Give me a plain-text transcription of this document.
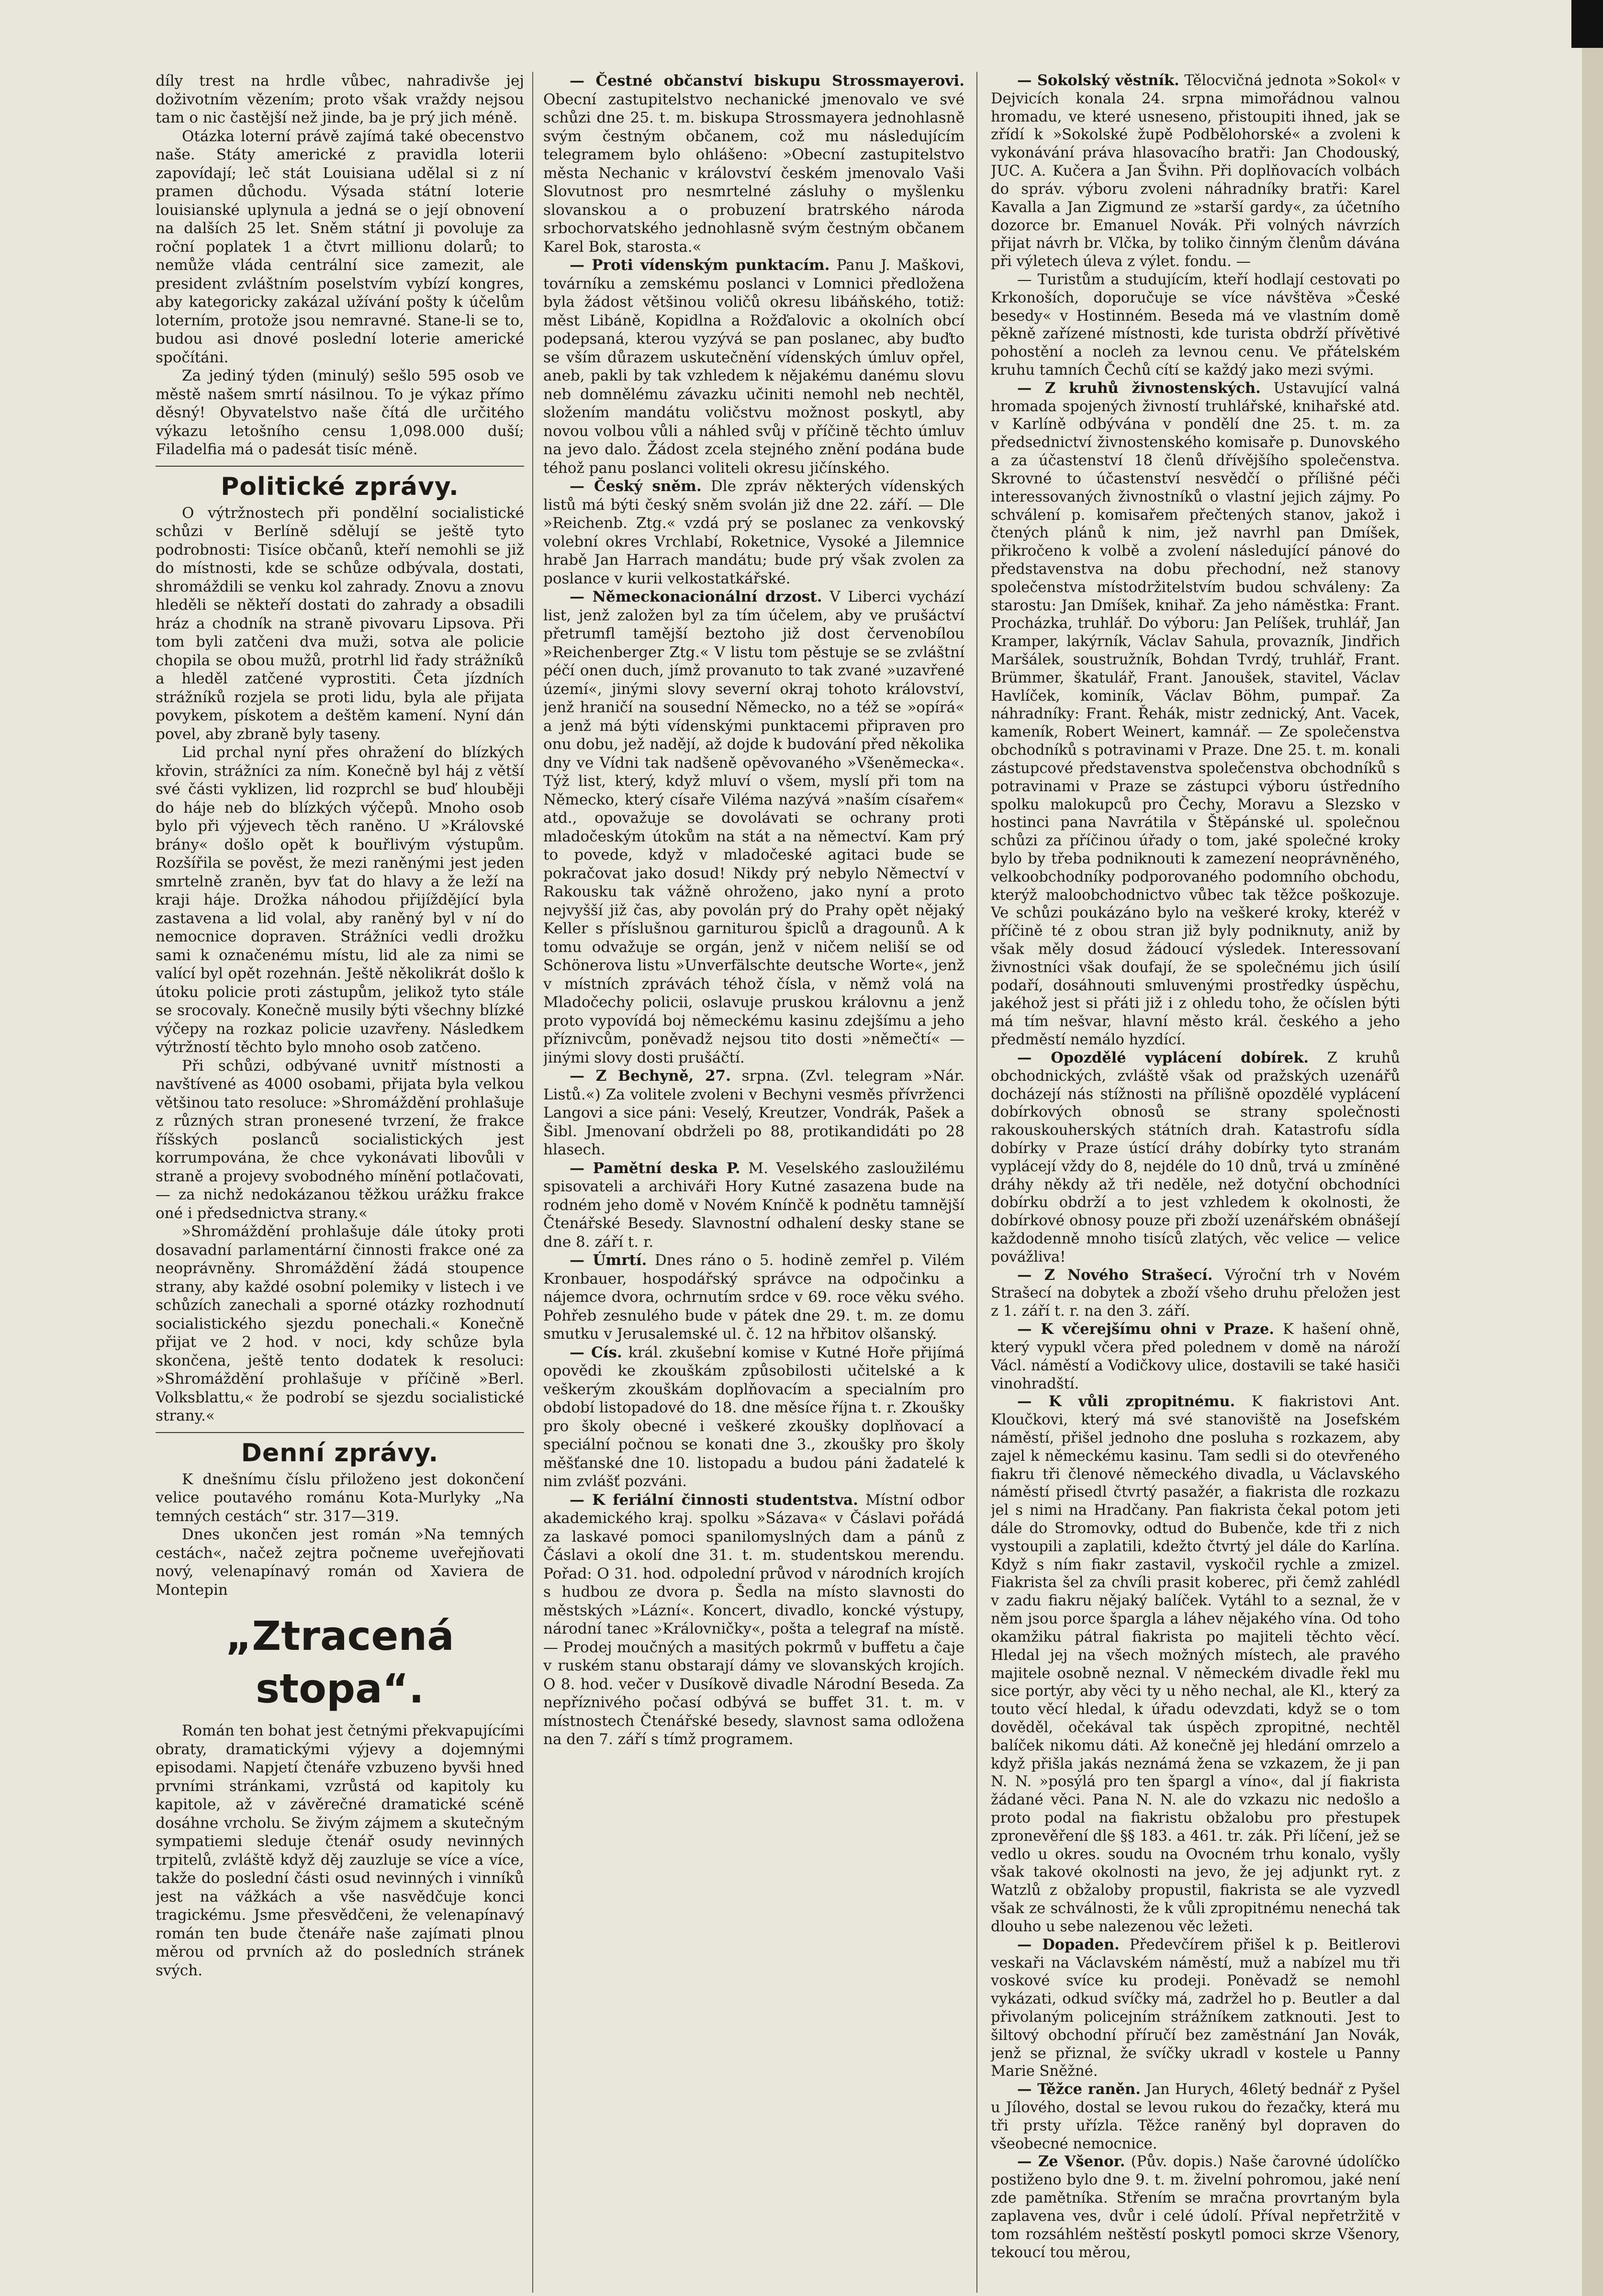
díly trest na hrdle vůbec, nahradivše jej doživotním vězením; proto však vraždy nejsou tam o nic častější než jinde, ba je prý jich méně.

Otázka loterní právě zajímá také obecenstvo naše. Státy americké z pravidla loterii zapovídají; leč stát Louisiana udělal si z ní pramen důchodu. Výsada státní loterie louisianské uplynula a jedná se o její obnovení na dalších 25 let. Sněm státní ji povoluje za roční poplatek 1 a čtvrt millionu dolarů; to nemůže vláda centrální sice zamezit, ale president zvláštním poselstvím vybízí kongres, aby kategoricky zakázal užívání pošty k účelům loterním, protože jsou nemravné. Stane-li se to, budou asi dnové poslední loterie americké spočítáni.

Za jediný týden (minulý) sešlo 595 osob ve městě našem smrtí násilnou. To je výkaz přímo děsný! Obyvatelstvo naše čítá dle určitého výkazu letošního censu 1,098.000 duší; Filadelfia má o padesát tisíc méně.

Politické zprávy.

O výtržnostech při pondělní socialistické schůzi v Berlíně sdělují se ještě tyto podrobnosti: Tisíce občanů, kteří nemohli se již do místnosti, kde se schůze odbývala, dostati, shromáždili se venku kol zahrady. Znovu a znovu hleděli se někteří dostati do zahrady a obsadili hráz a chodník na straně pivovaru Lipsova. Při tom byli zatčeni dva muži, sotva ale policie chopila se obou mužů, protrhl lid řady strážníků a hleděl zatčené vyprostiti. Četa jízdních strážníků rozjela se proti lidu, byla ale přijata povykem, pískotem a deštěm kamení. Nyní dán povel, aby zbraně byly taseny.

Lid prchal nyní přes ohražení do blízkých křovin, strážníci za ním. Konečně byl háj z větší své části vyklizen, lid rozprchl se buď hlouběji do háje neb do blízkých výčepů. Mnoho osob bylo při výjevech těch raněno. U »Královské brány« došlo opět k bouřlivým výstupům. Rozšířila se pověst, že mezi raněnými jest jeden smrtelně zraněn, byv ťat do hlavy a že leží na kraji háje. Drožka náhodou přijíždějící byla zastavena a lid volal, aby raněný byl v ní do nemocnice dopraven. Strážníci vedli drožku sami k označenému místu, lid ale za nimi se valící byl opět rozehnán. Ještě několikrát došlo k útoku policie proti zástupům, jelikož tyto stále se srocovaly. Konečně musily býti všechny blízké výčepy na rozkaz policie uzavřeny. Následkem výtržností těchto bylo mnoho osob zatčeno.

Při schůzi, odbývané uvnitř místnosti a navštívené as 4000 osobami, přijata byla velkou většinou tato resoluce: »Shromáždění prohlašuje z různých stran pronesené tvrzení, že frakce říšských poslanců socialistických jest korrumpována, že chce vykonávati libovůli v straně a projevy svobodného mínění potlačovati, — za nichž nedokázanou těžkou urážku frakce oné i předsednictva strany.«

»Shromáždění prohlašuje dále útoky proti dosavadní parlamentární činnosti frakce oné za neoprávněny. Shromáždění žádá stoupence strany, aby každé osobní polemiky v listech i ve schůzích zanechali a sporné otázky rozhodnutí socialistického sjezdu ponechali.« Konečně přijat ve 2 hod. v noci, kdy schůze byla skončena, ještě tento dodatek k resoluci: »Shromáždění prohlašuje v příčině »Berl. Volksblattu,« že podrobí se sjezdu socialistické strany.«

Denní zprávy.

K dnešnímu číslu přiloženo jest dokončení velice poutavého románu Kota-Murlyky „Na temných cestách“ str. 317—319.

Dnes ukončen jest román »Na temných cestách«, načež zejtra počneme uveřejňovati nový, velenapínavý román od Xaviera de Montepin

„Ztracená stopa“.

Román ten bohat jest četnými překvapujícími obraty, dramatickými výjevy a dojemnými episodami. Napjetí čtenáře vzbuzeno byvši hned prvními stránkami, vzrůstá od kapitoly ku kapitole, až v závěrečné dramatické scéně dosáhne vrcholu. Se živým zájmem a skutečným sympatiemi sleduje čtenář osudy nevinných trpitelů, zvláště když děj zauzluje se více a více, takže do poslední části osud nevinných i vinníků jest na vážkách a vše nasvědčuje konci tragickému. Jsme přesvědčeni, že velenapínavý román ten bude čtenáře naše zajímati plnou měrou od prvních až do posledních stránek svých.

— Čestné občanství biskupu Strossmayerovi. Obecní zastupitelstvo nechanické jmenovalo ve své schůzi dne 25. t. m. biskupa Strossmayera jednohlasně svým čestným občanem, což mu následujícím telegramem bylo ohlášeno: »Obecní zastupitelstvo města Nechanic v království českém jmenovalo Vaši Slovutnost pro nesmrtelné zásluhy o myšlenku slovanskou a o probuzení bratrského národa srbochorvatského jednohlasně svým čestným občanem Karel Bok, starosta.«

— Proti vídenským punktacím. Panu J. Maškovi, továrníku a zemskému poslanci v Lomnici předložena byla žádost většinou voličů okresu libáňského, totiž: měst Libáně, Kopidlna a Rožďalovic a okolních obcí podepsaná, kterou vyzývá se pan poslanec, aby buďto se vším důrazem uskutečnění vídenských úmluv opřel, aneb, pakli by tak vzhledem k nějakému danému slovu neb domnělému závazku učiniti nemohl neb nechtěl, složením mandátu voličstvu možnost poskytl, aby novou volbou vůli a náhled svůj v příčině těchto úmluv na jevo dalo. Žádost zcela stejného znění podána bude téhož panu poslanci voliteli okresu jičínského.

— Český sněm. Dle zpráv některých vídenských listů má býti český sněm svolán již dne 22. září. — Dle »Reichenb. Ztg.« vzdá prý se poslanec za venkovský volební okres Vrchlabí, Roketnice, Vysoké a Jilemnice hrabě Jan Harrach mandátu; bude prý však zvolen za poslance v kurii velkostatkářské.

— Německonacionální drzost. V Liberci vychází list, jenž založen byl za tím účelem, aby ve prušáctví přetrumfl tamější beztoho již dost červenobílou »Reichenberger Ztg.« V listu tom pěstuje se se zvláštní péčí onen duch, jímž provanuto to tak zvané »uzavřené území«, jinými slovy severní okraj tohoto království, jenž hraničí na sousední Německo, no a též se »opírá« a jenž má býti vídenskými punktacemi připraven pro onu dobu, jež nadějí, až dojde k budování před několika dny ve Vídni tak nadšeně opěvovaného »Všeněmecka«. Týž list, který, když mluví o všem, myslí při tom na Německo, který císaře Viléma nazývá »naším císařem« atd., opovažuje se dovolávati se ochrany proti mladočeským útokům na stát a na němectví. Kam prý to povede, když v mladočeské agitaci bude se pokračovat jako dosud! Nikdy prý nebylo Němectví v Rakousku tak vážně ohroženo, jako nyní a proto nejvyšší již čas, aby povolán prý do Prahy opět nějaký Keller s příslušnou garniturou špiclů a dragounů. A k tomu odvažuje se orgán, jenž v ničem neliší se od Schönerova listu »Unverfälschte deutsche Worte«, jenž v místních zprávách téhož čísla, v němž volá na Mladočechy policii, oslavuje pruskou královnu a jenž proto vypovídá boj německému kasinu zdejšímu a jeho příznivcům, poněvadž nejsou tito dosti »němečtí« — jinými slovy dosti prušáčtí.

— Z Bechyně, 27. srpna. (Zvl. telegram »Nár. Listů.«) Za volitele zvoleni v Bechyni vesměs přívrženci Langovi a sice páni: Veselý, Kreutzer, Vondrák, Pašek a Šibl. Jmenovaní obdrželi po 88, protikandidáti po 28 hlasech.

— Pamětní deska P. M. Veselského zasloužilému spisovateli a archiváři Hory Kutné zasazena bude na rodném jeho domě v Novém Knínčě k podnětu tamnější Čtenářské Besedy. Slavnostní odhalení desky stane se dne 8. září t. r.

— Úmrtí. Dnes ráno o 5. hodině zemřel p. Vilém Kronbauer, hospodářský správce na odpočinku a nájemce dvora, ochrnutím srdce v 69. roce věku svého. Pohřeb zesnulého bude v pátek dne 29. t. m. ze domu smutku v Jerusalemské ul. č. 12 na hřbitov olšanský.

— Cís. král. zkušební komise v Kutné Hoře přijímá opovědi ke zkouškám způsobilosti učitelské a k veškerým zkouškám doplňovacím a specialním pro období listopadové do 18. dne měsíce října t. r. Zkoušky pro školy obecné i veškeré zkoušky doplňovací a speciální počnou se konati dne 3., zkoušky pro školy měšťanské dne 10. listopadu a budou páni žadatelé k nim zvlášť pozváni.

— K feriální činnosti studentstva. Místní odbor akademického kraj. spolku »Sázava« v Čáslavi pořádá za laskavé pomoci spanilomyslných dam a pánů z Čáslavi a okolí dne 31. t. m. studentskou merendu. Pořad: O 31. hod. odpolední průvod v národních krojích s hudbou ze dvora p. Šedla na místo slavnosti do městských »Lázní«. Koncert, divadlo, koncké výstupy, národní tanec »Královničky«, pošta a telegraf na místě. — Prodej moučných a masitých pokrmů v buffetu a čaje v ruském stanu obstarají dámy ve slovanských krojích. O 8. hod. večer v Dusíkově divadle Národní Beseda. Za nepříznivého počasí odbývá se buffet 31. t. m. v místnostech Čtenářské besedy, slavnost sama odložena na den 7. září s tímž programem.

— Sokolský věstník. Tělocvičná jednota »Sokol« v Dejvicích konala 24. srpna mimořádnou valnou hromadu, ve které usneseno, přistoupiti ihned, jak se zřídí k »Sokolské župě Podbělohorské« a zvoleni k vykonávání práva hlasovacího bratři: Jan Chodouský, JUC. A. Kučera a Jan Švihn. Při doplňovacích volbách do správ. výboru zvoleni náhradníky bratři: Karel Kavalla a Jan Zigmund ze »starší gardy«, za účetního dozorce br. Emanuel Novák. Při volných návrzích přijat návrh br. Vlčka, by toliko činným členům dávána při výletech úleva z výlet. fondu. —

— Turistům a studujícím, kteří hodlají cestovati po Krkonoších, doporučuje se více návštěva »České besedy« v Hostinném. Beseda má ve vlastním domě pěkně zařízené místnosti, kde turista obdrží přívětivé pohostění a nocleh za levnou cenu. Ve přátelském kruhu tamních Čechů cítí se každý jako mezi svými.

— Z kruhů živnostenských. Ustavující valná hromada spojených živností truhlářské, knihařské atd. v Karlíně odbývána v pondělí dne 25. t. m. za předsednictví živnostenského komisaře p. Dunovského a za účastenství 18 členů dřívějšího společenstva. Skrovné to účastenství nesvědčí o přílišné péči interessovaných živnostníků o vlastní jejich zájmy. Po schválení p. komisařem přečtených stanov, jakož i čtených plánů k nim, jež navrhl pan Dmíšek, přikročeno k volbě a zvolení následující pánové do představenstva na dobu přechodní, než stanovy společenstva místodržitelstvím budou schváleny: Za starostu: Jan Dmíšek, knihař. Za jeho náměstka: Frant. Procházka, truhlář. Do výboru: Jan Pelíšek, truhlář, Jan Kramper, lakýrník, Václav Sahula, provazník, Jindřich Maršálek, soustružník, Bohdan Tvrdý, truhlář, Frant. Brümmer, škatulář, Frant. Janoušek, stavitel, Václav Havlíček, kominík, Václav Böhm, pumpař. Za náhradníky: Frant. Řehák, mistr zednický, Ant. Vacek, kameník, Robert Weinert, kamnář. — Ze společenstva obchodníků s potravinami v Praze. Dne 25. t. m. konali zástupcové představenstva společenstva obchodníků s potravinami v Praze se zástupci výboru ústředního spolku malokupců pro Čechy, Moravu a Slezsko v hostinci pana Navrátila v Štěpánské ul. společnou schůzi za příčinou úřady o tom, jaké společné kroky bylo by třeba podniknouti k zamezení neoprávněného, velkoobchodníky podporovaného podomního obchodu, kterýž maloobchodnictvo vůbec tak těžce poškozuje. Ve schůzi poukázáno bylo na veškeré kroky, kteréž v příčině té z obou stran již byly podniknuty, aniž by však měly dosud žádoucí výsledek. Interessovaní živnostníci však doufají, že se společnému jich úsilí podaří, dosáhnouti smluvenými prostředky úspěchu, jakéhož jest si přáti již i z ohledu toho, že očíslen býti má tím nešvar, hlavní město král. českého a jeho předměstí nemálo hyzdící.

— Opozdělé vyplácení dobírek. Z kruhů obchodnických, zvláště však od pražských uzenářů docházejí nás stížnosti na přílišně opozdělé vyplácení dobírkových obnosů se strany společnosti rakouskouherských státních drah. Katastrofu sídla dobírky v Praze ústící dráhy dobírky tyto stranám vyplácejí vždy do 8, nejdéle do 10 dnů, trvá u zmíněné dráhy někdy až tři neděle, než dotyční obchodníci dobírku obdrží a to jest vzhledem k okolnosti, že dobírkové obnosy pouze při zboží uzenářském obnášejí každodenně mnoho tisíců zlatých, věc velice — velice povážliva!

— Z Nového Strašecí. Výroční trh v Novém Strašecí na dobytek a zboží všeho druhu přeložen jest z 1. září t. r. na den 3. září.

— K včerejšímu ohni v Praze. K hašení ohně, který vypukl včera před polednem v domě na nároží Václ. náměstí a Vodičkovy ulice, dostavili se také hasiči vinohradští.

— K vůli zpropitnému. K fiakristovi Ant. Kloučkovi, který má své stanoviště na Josefském náměstí, přišel jednoho dne posluha s rozkazem, aby zajel k německému kasinu. Tam sedli si do otevřeného fiakru tři členové německého divadla, u Václavského náměstí přisedl čtvrtý pasažér, a fiakrista dle rozkazu jel s nimi na Hradčany. Pan fiakrista čekal potom jeti dále do Stromovky, odtud do Bubenče, kde tři z nich vystoupili a zaplatili, kdežto čtvrtý jel dále do Karlína. Když s ním fiakr zastavil, vyskočil rychle a zmizel. Fiakrista šel za chvíli prasit koberec, při čemž zahlédl v zadu fiakru nějaký balíček. Vytáhl to a seznal, že v něm jsou porce špargla a láhev nějakého vína. Od toho okamžiku pátral fiakrista po majiteli těchto věcí. Hledal jej na všech možných místech, ale pravého majitele osobně neznal. V německém divadle řekl mu sice portýr, aby věci ty u něho nechal, ale Kl., který za touto věcí hledal, k úřadu odevzdati, když se o tom dověděl, očekával tak úspěch zpropitné, nechtěl balíček nikomu dáti. Až konečně jej hledání omrzelo a když přišla jakás neznámá žena se vzkazem, že ji pan N. N. »posýlá pro ten špargl a víno«, dal jí fiakrista žádané věci. Pana N. N. ale do vzkazu nic nedošlo a proto podal na fiakristu obžalobu pro přestupek zpronevěření dle §§ 183. a 461. tr. zák. Při líčení, jež se vedlo u okres. soudu na Ovocném trhu konalo, vyšly však takové okolnosti na jevo, že jej adjunkt ryt. z Watzlů z obžaloby propustil, fiakrista se ale vyzvedl však ze schválnosti, že k vůli zpropitnému nenechá tak dlouho u sebe nalezenou věc ležeti.

— Dopaden. Předevčírem přišel k p. Beitlerovi veskaři na Václavském náměstí, muž a nabízel mu tři voskové svíce ku prodeji. Poněvadž se nemohl vykázati, odkud svíčky má, zadržel ho p. Beutler a dal přivolaným policejním strážníkem zatknouti. Jest to šiltový obchodní příručí bez zaměstnání Jan Novák, jenž se přiznal, že svíčky ukradl v kostele u Panny Marie Sněžné.

— Těžce raněn. Jan Hurych, 46letý bednář z Pyšel u Jílového, dostal se levou rukou do řezačky, která mu tři prsty uřízla. Těžce raněný byl dopraven do všeobecné nemocnice.

— Ze Všenor. (Pův. dopis.) Naše čarovné údolíčko postiženo bylo dne 9. t. m. živelní pohromou, jaké není zde pamětníka. Střením se mračna provrtaným byla zaplavena ves, dvůr i celé údolí. Příval nepřetržitě v tom rozsáhlém neštěstí poskytl pomoci skrze Všenory, tekoucí tou měrou,
